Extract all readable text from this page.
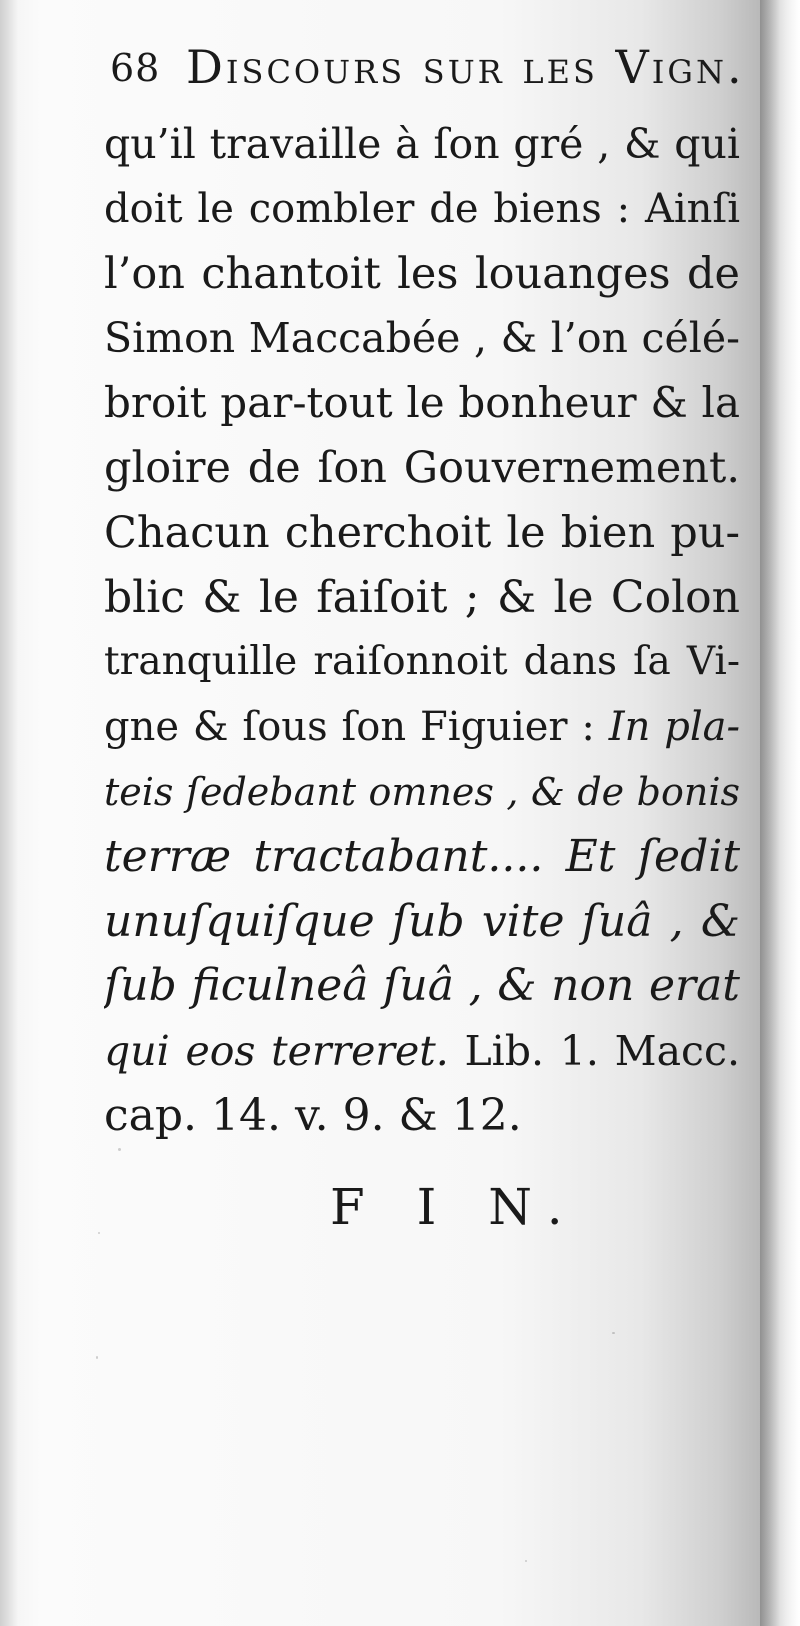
68 Discours sur les Vign.
qu’il travaille à ſon gré , & qui
doit le combler de biens : Ainſi
l’on chantoit les louanges de
Simon Maccabée , & l’on célé-
broit par-tout le bonheur & la
gloire de ſon Gouvernement.
Chacun cherchoit le bien pu-
blic & le faiſoit ; & le Colon
tranquille raiſonnoit dans ſa Vi-
gne & ſous ſon Figuier : In pla-
teis ſedebant omnes , & de bonis
terræ tractabant.... Et ſedit
unuſquiſque ſub vite ſuâ , &
ſub ficulneâ ſuâ , & non erat
qui eos terreret. Lib. 1. Macc.
cap. 14. v. 9. & 12.
F I N.
